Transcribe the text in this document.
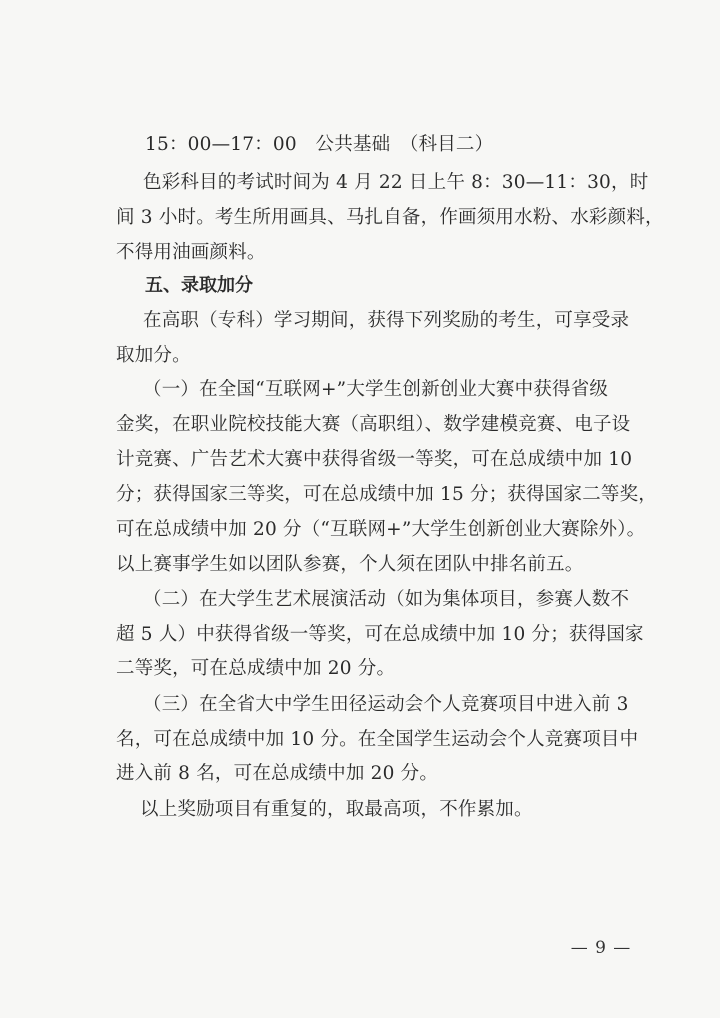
15：00—17：00　公共基础　（科目二）
色彩科目的考试时间为 4 月 22 日上午 8：30—11：30，时
间 3 小时。考生所用画具、马扎自备，作画须用水粉、水彩颜料，
不得用油画颜料。
五、录取加分
在高职（专科）学习期间，获得下列奖励的考生，可享受录
取加分。
（一）在全国“互联网+”大学生创新创业大赛中获得省级
金奖，在职业院校技能大赛（高职组）、数学建模竞赛、电子设
计竞赛、广告艺术大赛中获得省级一等奖，可在总成绩中加 10
分；获得国家三等奖，可在总成绩中加 15 分；获得国家二等奖，
可在总成绩中加 20 分（“互联网+”大学生创新创业大赛除外）。
以上赛事学生如以团队参赛，个人须在团队中排名前五。
（二）在大学生艺术展演活动（如为集体项目，参赛人数不
超 5 人）中获得省级一等奖，可在总成绩中加 10 分；获得国家
二等奖，可在总成绩中加 20 分。
（三）在全省大中学生田径运动会个人竞赛项目中进入前 3
名，可在总成绩中加 10 分。在全国学生运动会个人竞赛项目中
进入前 8 名，可在总成绩中加 20 分。
以上奖励项目有重复的，取最高项，不作累加。
— 9 —
